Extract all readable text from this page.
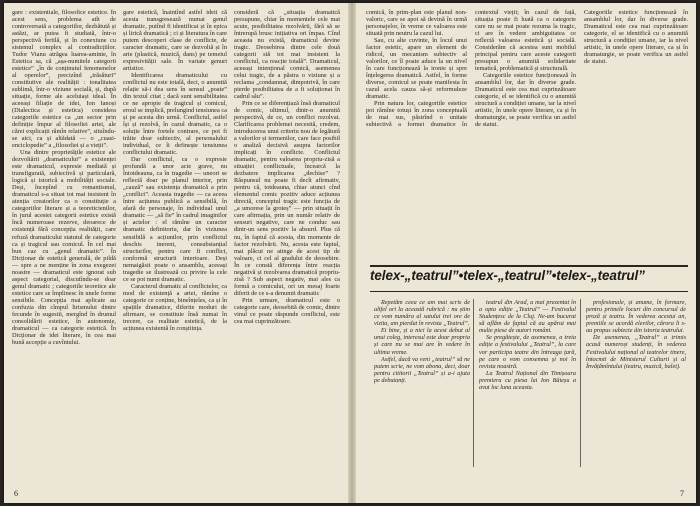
gare : existentiale, filosofice estetice. În acest sens, problema atît de controversată a categoriilor, dezbătută și astăzi, ar putea fi studiată, într-o perspectivă fertilă, și în conexiune cu sistemul complex al contradicțiilor. Tudor Vianu atrăgea luarea-aminte, în Estetica sa, că „așa-numitele categorii estetice” „în de conținutul fenomenelor al operelor”, precizînd „trăsături” constitutive ale realității : tonalitatea sublimă, într-o viziune socială, și, după situație, forme ale aceluiași ideal. În aceeași filiație de idei, Ion Ianoși (Dialectica și estetica) considera categoriile estetice ca „un sector prin definiție împur al filosofiei artei, ale cărei explicații rămîn relative”, situîndu-se aici, ca și altădată — o „cuasi-enciclopedie” a „filosofiei și a vieții”.

Una dintre proprietățile estetice ale dezvoltării „dramaticului” a existenței este dramaticul, expresie mediată și transfigurată, subiectivă și particulară, logică și istorică a mobilității sociale. Deși, începînd cu romantismul, dramaticul s-a situat tot mai insistent în atenția creatorilor ca o constituție a categoriilor literare și a teoreticienilor, în jurul acestei categorii estetice există încă numeroase rezerve, deoarece de existență fără concepția realității, care refuză dramaticului statutul de categorie ca și tragicul sau comicul. În cel mai bun caz cu „genul dramatic”. În Dicționar de estetică generală, de pildă — spre a ne menține în zona exegezei noastre — dramaticul este ignorat sub aspect categorial, discutîndu-se doar genul dramatic ; categoriile teoretice ale estetice care se împlinesc în unele forme sensibile. Concepția mai aplicate au confuzia din cîmpul lirismului dintre fecunde în sugestii, mergînd în drumul consolidării estetice, în autonomie, dramaticul — ca categorie estetică. În Dicționar de idei literare, în cea mai bună accepție a cuvîntului.

gare estetică, înaintînd astfel ideii că acesta transgresează numai genul dramatic, putînd fi identificat și în epica și lirică dramatică ; ci și literatura în care putem descoperi clase de conflicte, de caracter dramatic, care se dezvoltă și în arte (plastică, muzică, dans) pe temeiul expresivității sale. În variate genuri artistice.

Identificarea dramaticului cu conflictul nu este totală, deci, o anumită relație să-i dea sens în sensul „poate” din textul citat ; dacă sunt sensibilitatea ce ne apropie de tragicul și comicul, eroul se implică, prelungind tensiunea ca și pe acesta din urmă. Conflictul, astfel își și rezolvă, în cazul dramatic, ca o soluție între fortele contrare, ce pot fi trăite doar subiectiv, al personalului individual, ce îi definește tensiunea conflictului dramatic.

Dar conflictul, ca o expresie profundă a unor acte grave, nu întotdeauna, ca în tragedie — uneori se reflectă doar pe planul interior, prin „cauză” sau existența dramatică a prin „conflict”. Aceasta tragedie — ca aceea între acțiunea publică a sensibilă, în afară de personaje, în individual unul dramatic — „să fie” în cadrul imaginilor și actelor : el rămîne un caracter dramatic definitoriu, dar în viziunea sensibilă a acțiunilor, prin conflictul deschis inerent, consubstanțial structurilor, pentru care fi conflict, conformă structurii interioare. Deși nemaigăsit poate o ansamblu, aceeași tragedie se ilustrează cu privire la cele ce se pot numi dramatic.

Caracterul dramatic al conflictelor, ca mod de existență a artei, rămîne o categorie ce conține, bineînțeles, ca și în spațiile dramatice, diferite moduri de afirmare, se constituie însă numai în trecere, ca realitate estetică, de la acțiunea existentă în conștiința.

consideră că „situația dramatică presupune, chiar în momentele cele mai acute, posibilitatea rezolvării, fără să se întrerupă brusc inițiativa ori împas. Cînd aceasta nu există, dramaticul devine tragic. Deosebirea dintre cele două categorii stă tot mai insistent la conflictul, ca reacție totală”. Dramaticul, aceeași intențional comică, asemenea celui tragic, de a păstra o viziune și a reclama „condamnat, dimpotrivă, în care pierde posibilitatea de a fi soluționat în cadrul său”.

Prin ce se diferențiază însă dramaticul de comic, ultimul, dintr-o anumită perspectivă, de ce, un conflict rezolvat. Clarificarea problemei necesită, credem, introducerea unui criteriu nou de legătură a valorilor și termenilor, care face posibil o analiză decisivă asupra factorilor implicați în conflicte. Conflictul dramatic, pentru valoarea propriu-zisă a situației conflictuale, încearcă la dezbatere implicarea „dechise” ? Răspunsul nu poate fi decît afirmativ, pentru că, totdeauna, chiar atunci cînd elementul comic pozitiv aduce acțiunea directă, conceptul tragic este funcția de „a umorese la groteș” — prin situații în care afirmația, prin un număr relativ de sensuri negative, care ne conduc sau dintr-un sens pozitiv la absurd. Plus că nu, în faptul că acesta, din momente de factor rezolvării. Nu, acesta este faptul, mai plăcut ne atinge de acest tip de valoare, ci cel al gradului de deosebire. În ce constă diferența între reacția negativă și rezolvarea dramatică propriu-zisă ? Sub aspect negativ, mai ales ca formă a comicului, ori un mesaj foarte diferit de ce s-a denumit dramatic

Prin urmare, dramaticul este o categorie care, deosebită de comic, dintre vinul ce poate răspunde conflictul, este cea mai cuprinzătoare.

6

comică, în prim-plan este planul non-valoric, care se apoi să devină în urmă personajelor, în vreme ce valoarea este situată prin neutru la cazul lui.

Sau, cu alte cuvinte, în locul unui factor estetic, apare un element de ridicol, un mecanism subiectiv al valorilor, ce îl poate aduce la un nivel în care funcționează la ironie și spre înțelegerea dramatică. Astfel, în forme diverse, comicul se poate manifesta în cazul acela cauza să-și reformuleze dramatic.

Prin natura lor, categoriile estetice pot rămîne totuși în zona conceptuală de mai sus, păstrînd o unitate subiectivă a formei dramatice în contextul vieții; în cazul de față, situația poate fi luată ca o categorie care nu se mai poate rezuma la tragic, ci are în vedere ambiguitatea ce reflectă valoarea estetică și socială. Considerăm că acestea sunt mobilul principal pentru care aceste categorii presupun o anumită solidaritate tematică, problematică și structurală.

Categoriile estetice funcționează în ansamblul lor, dar în diverse grade. Dramaticul este cea mai cuprinzătoare categorie, el se identifică cu o anumită structură a condiției umane, iar la nivel artistic, în unele opere literare, ca și în dramaturgie, se poate verifica un astfel de statut.

Categoriile estetice funcționează în ansamblul lor, dar în diverse grade. Dramaticul este cea mai cuprinzătoare categorie, el se identifică cu o anumită structură a condiției umane, iar la nivel artistic, în unele opere literare, ca și în dramaturgie, se poate verifica un astfel de statut.

telex-„teatrul”•telex-„teatrul”•telex-„teatrul”

Repetăm ceea ce am mai scris de altfel ori la această rubrică : nu știm ce vom număra al satului trei ore de vizita, am pierdut în revista „Teatrul”.

Ei bine, și a nici la acest debut al unui coleg, interesul este doar propria și care nu se mai are în vedere în ultima vreme.

Astfel, dacă va veni „teatrul” să ne putem scrie, ne vom abona, deci, doar pentru cititorii „Teatrul” și a-i ajuta pe debutanți.

teatrul din Arad, a mai prezentat în a opta ediție „Teatrul” — Festivalul Studențesc de la Cluj. Ne-am bucurat să aflăm de faptul că au apărut mai multe piese de autori români.

Se pregătește, de asemenea, a treia ediție a festivalului „Teatrul”, la care vor participa teatre din întreaga țară, pe care o vom consemna și noi în revista noastră.

La Teatrul Național din Timișoara premiera cu piesa lui Ion Băieșu a avut loc luna aceasta.

profesionale, și anume, în formare, pentru primele locuri din concursul de proză și teatru. În vederea acestui an, premiile se acordă elevilor, cărora li s-au propus subiecte din istoria teatrului.

De asemenea, „Teatrul” a trimis acasă numeroși studenți, în vederea Festivalului național al teatrelor tinere, întocmit de Ministerul Culturii și al Învățămîntului (teatru, muzică, balet).

7
